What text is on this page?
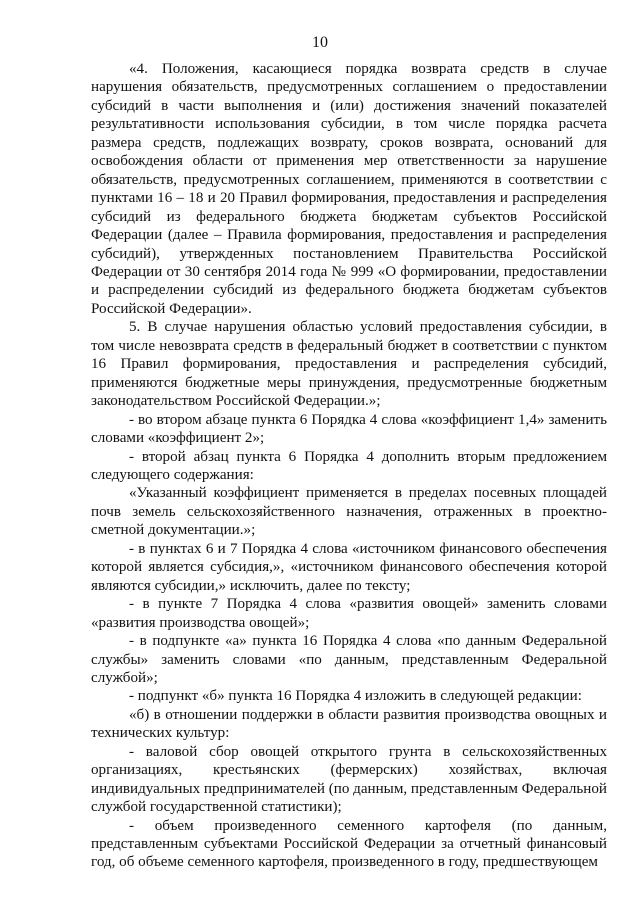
10

«4. Положения, касающиеся порядка возврата средств в случае нарушения обязательств, предусмотренных соглашением о предоставлении субсидий в части выполнения и (или) достижения значений показателей результативности использования субсидии, в том числе порядка расчета размера средств, подлежащих возврату, сроков возврата, оснований для освобождения области от применения мер ответственности за нарушение обязательств, предусмотренных соглашением, применяются в соответствии с пунктами 16 – 18 и 20 Правил формирования, предоставления и распределения субсидий из федерального бюджета бюджетам субъектов Российской Федерации (далее – Правила формирования, предоставления и распределения субсидий), утвержденных постановлением Правительства Российской Федерации от 30 сентября 2014 года № 999 «О формировании, предоставлении и распределении субсидий из федерального бюджета бюджетам субъектов Российской Федерации».

5. В случае нарушения областью условий предоставления субсидии, в том числе невозврата средств в федеральный бюджет в соответствии с пунктом 16 Правил формирования, предоставления и распределения субсидий, применяются бюджетные меры принуждения, предусмотренные бюджетным законодательством Российской Федерации.»;

- во втором абзаце пункта 6 Порядка 4 слова «коэффициент 1,4» заменить словами «коэффициент 2»;

- второй абзац пункта 6 Порядка 4 дополнить вторым предложением следующего содержания:

«Указанный коэффициент применяется в пределах посевных площадей почв земель сельскохозяйственного назначения, отраженных в проектно-сметной документации.»;

- в пунктах 6 и 7 Порядка 4 слова «источником финансового обеспечения которой является субсидия,», «источником финансового обеспечения которой являются субсидии,» исключить, далее по тексту;

- в пункте 7 Порядка 4 слова «развития овощей» заменить словами «развития производства овощей»;

- в подпункте «а» пункта 16 Порядка 4 слова «по данным Федеральной службы» заменить словами «по данным, представленным Федеральной службой»;

- подпункт «б» пункта 16 Порядка 4 изложить в следующей редакции:

«б) в отношении поддержки в области развития производства овощных и технических культур:

- валовой сбор овощей открытого грунта в сельскохозяйственных организациях, крестьянских (фермерских) хозяйствах, включая индивидуальных предпринимателей (по данным, представленным Федеральной службой государственной статистики);

- объем произведенного семенного картофеля (по данным, представленным субъектами Российской Федерации за отчетный финансовый год, об объеме семенного картофеля, произведенного в году, предшествующем
